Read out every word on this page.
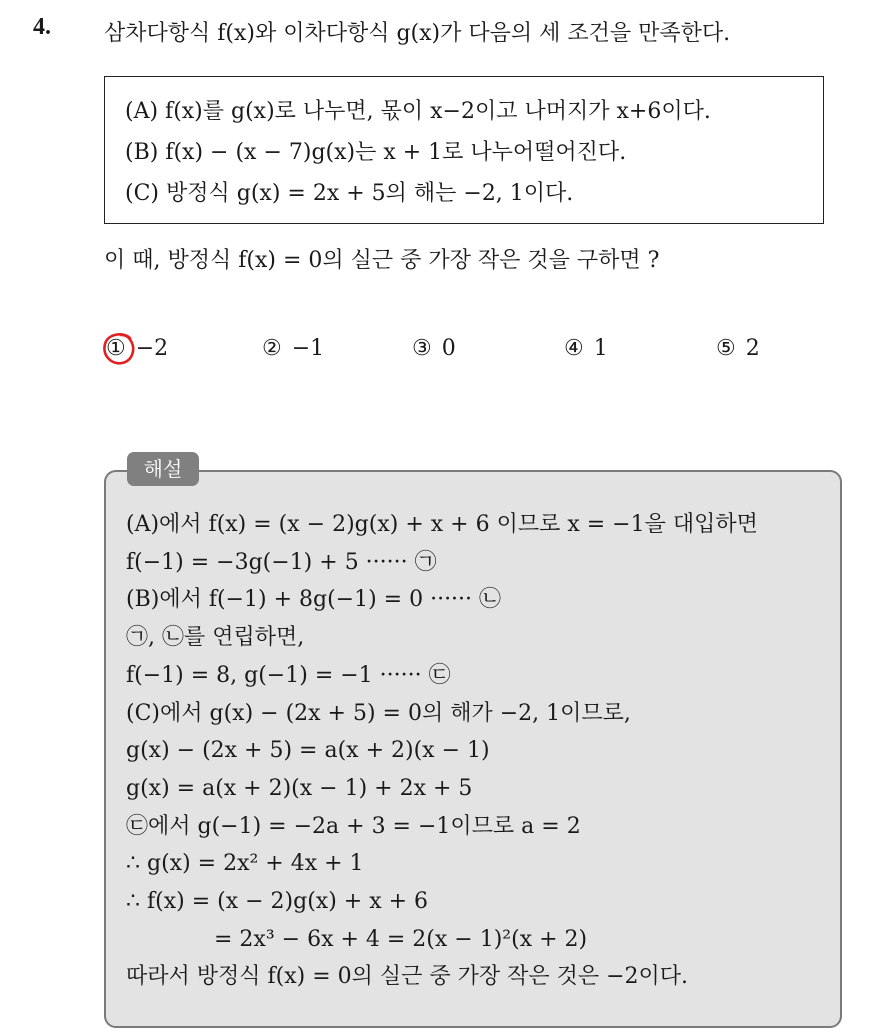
4. 삼차다항식 f(x)와 이차다항식 g(x)가 다음의 세 조건을 만족한다.
(A) f(x)를 g(x)로 나누면, 몫이 x−2이고 나머지가 x+6이다.
(B) f(x) − (x − 7)g(x)는 x + 1로 나누어떨어진다.
(C) 방정식 g(x) = 2x + 5의 해는 −2, 1이다.
이 때, 방정식 f(x) = 0의 실근 중 가장 작은 것을 구하면 ?
① −2	② −1	③ 0	④ 1	⑤ 2
해설
(A)에서 f(x) = (x − 2)g(x) + x + 6 이므로 x = −1을 대입하면
f(−1) = −3g(−1) + 5 ······ ㉠
(B)에서 f(−1) + 8g(−1) = 0 ······ ㉡
㉠, ㉡를 연립하면,
f(−1) = 8, g(−1) = −1 ······ ㉢
(C)에서 g(x) − (2x + 5) = 0의 해가 −2, 1이므로,
g(x) − (2x + 5) = a(x + 2)(x − 1)
g(x) = a(x + 2)(x − 1) + 2x + 5
㉢에서 g(−1) = −2a + 3 = −1이므로 a = 2
∴ g(x) = 2x² + 4x + 1
∴ f(x) = (x − 2)g(x) + x + 6
= 2x³ − 6x + 4 = 2(x − 1)²(x + 2)
따라서 방정식 f(x) = 0의 실근 중 가장 작은 것은 −2이다.
